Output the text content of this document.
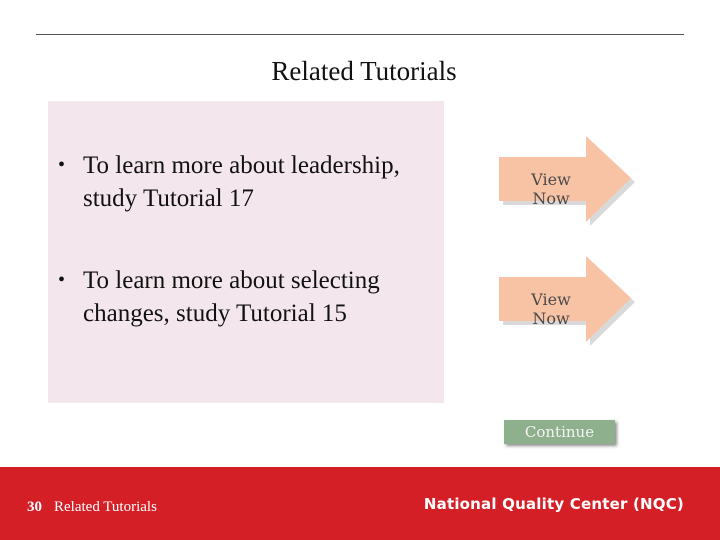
Related Tutorials
• To learn more about leadership, study Tutorial 17
• To learn more about selecting changes, study Tutorial 15
View Now
View Now
Continue
30 Related Tutorials	National Quality Center (NQC)
